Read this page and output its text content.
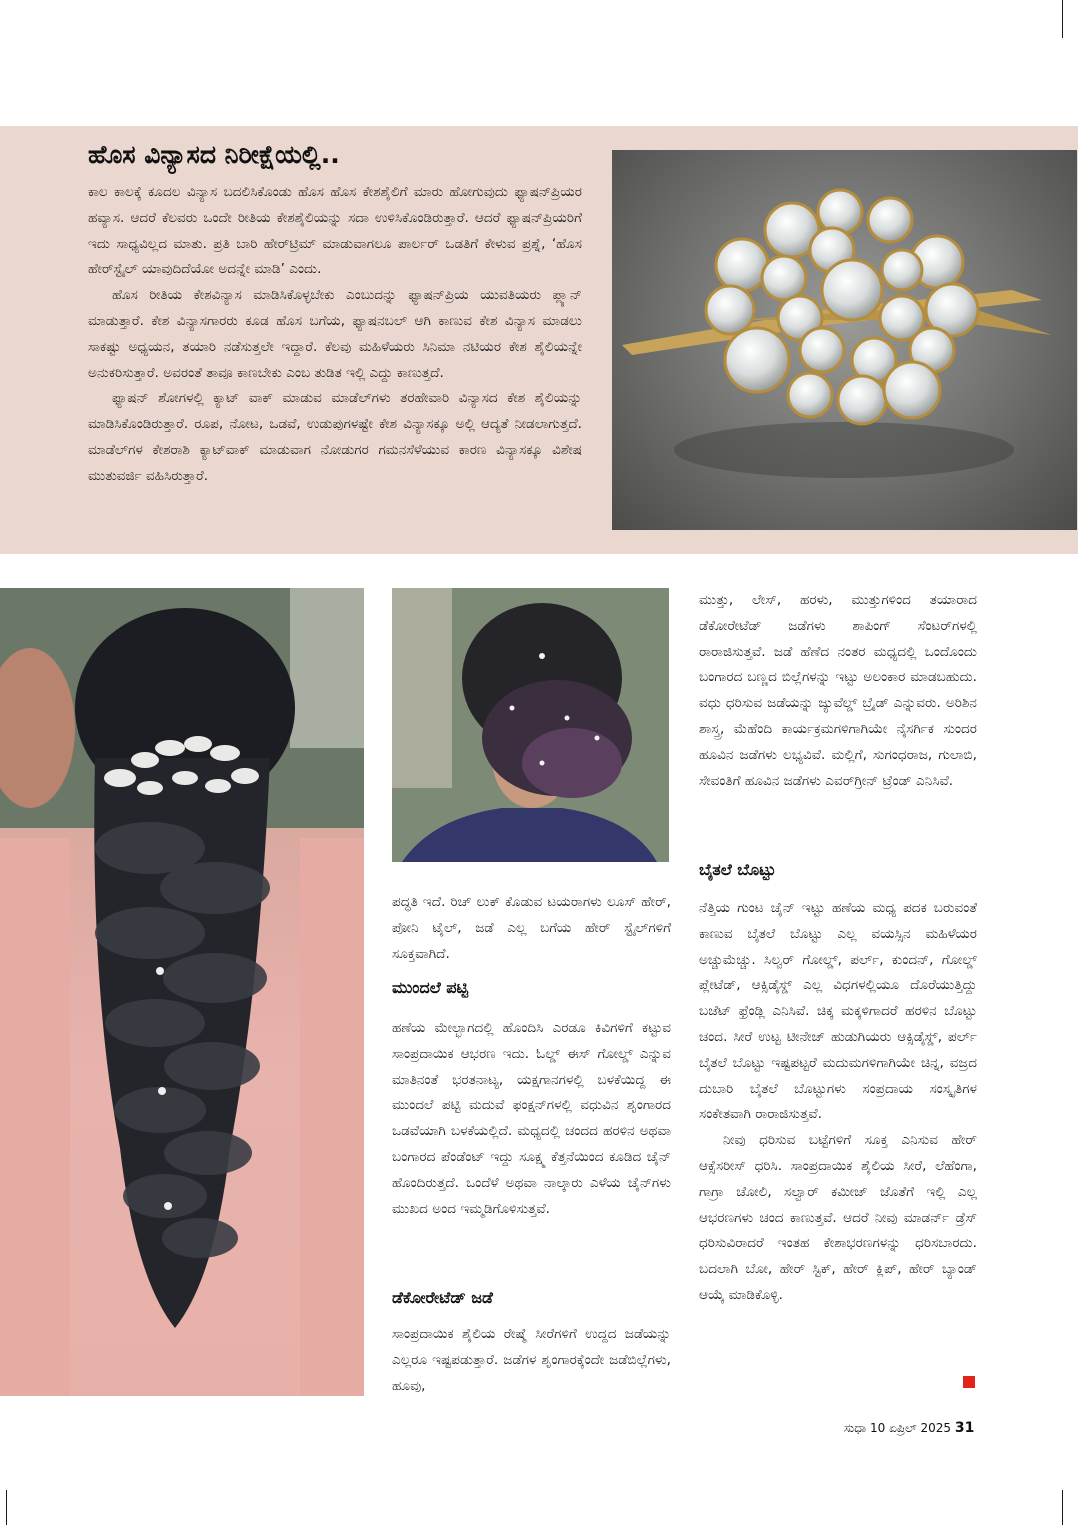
ಹೊಸ ವಿನ್ಯಾಸದ ನಿರೀಕ್ಷೆಯಲ್ಲಿ..

ಕಾಲ ಕಾಲಕ್ಕೆ ಕೂದಲ ವಿನ್ಯಾಸ ಬದಲಿಸಿಕೊಂಡು ಹೊಸ ಹೊಸ ಕೇಶಶೈಲಿಗೆ ಮಾರು ಹೋಗುವುದು ಫ್ಯಾಷನ್‌ಪ್ರಿಯರ ಹವ್ಯಾಸ. ಆದರೆ ಕೆಲವರು ಒಂದೇ ರೀತಿಯ ಕೇಶಶೈಲಿಯನ್ನು ಸದಾ ಉಳಿಸಿಕೊಂಡಿರುತ್ತಾರೆ. ಆದರೆ ಫ್ಯಾಷನ್‌ಪ್ರಿಯರಿಗೆ ಇದು ಸಾಧ್ಯವಿಲ್ಲದ ಮಾತು. ಪ್ರತಿ ಬಾರಿ ಹೇರ್‌ಟ್ರಿಮ್ ಮಾಡುವಾಗಲೂ ಪಾರ್ಲರ್ ಒಡತಿಗೆ ಕೇಳುವ ಪ್ರಶ್ನೆ, ‘ಹೊಸ ಹೇರ್‌ಸ್ಟೈಲ್ ಯಾವುದಿದೆಯೋ ಅದನ್ನೇ ಮಾಡಿ’ ಎಂದು.

ಹೊಸ ರೀತಿಯ ಕೇಶವಿನ್ಯಾಸ ಮಾಡಿಸಿಕೊಳ್ಳಬೇಕು ಎಂಬುದನ್ನು ಫ್ಯಾಷನ್‌ಪ್ರಿಯ ಯುವತಿಯರು ಪ್ಲ್ಯಾನ್ ಮಾಡುತ್ತಾರೆ. ಕೇಶ ವಿನ್ಯಾಸಗಾರರು ಕೂಡ ಹೊಸ ಬಗೆಯ, ಫ್ಯಾಷನಬಲ್ ಆಗಿ ಕಾಣುವ ಕೇಶ ವಿನ್ಯಾಸ ಮಾಡಲು ಸಾಕಷ್ಟು ಅಧ್ಯಯನ, ತಯಾರಿ ನಡೆಸುತ್ತಲೇ ಇದ್ದಾರೆ. ಕೆಲವು ಮಹಿಳೆಯರು ಸಿನಿಮಾ ನಟಿಯರ ಕೇಶ ಶೈಲಿಯನ್ನೇ ಅನುಕರಿಸುತ್ತಾರೆ. ಅವರಂತೆ ತಾವೂ ಕಾಣಬೇಕು ಎಂಬ ತುಡಿತ ಇಲ್ಲಿ ಎದ್ದು ಕಾಣುತ್ತದೆ.

ಫ್ಯಾಷನ್ ಶೋಗಳಲ್ಲಿ ಕ್ಯಾಟ್ ವಾಕ್ ಮಾಡುವ ಮಾಡೆಲ್‌ಗಳು ತರಹೇವಾರಿ ವಿನ್ಯಾಸದ ಕೇಶ ಶೈಲಿಯನ್ನು ಮಾಡಿಸಿಕೊಂಡಿರುತ್ತಾರೆ. ರೂಪ, ನೋಟ, ಒಡವೆ, ಉಡುಪುಗಳಷ್ಟೇ ಕೇಶ ವಿನ್ಯಾಸಕ್ಕೂ ಅಲ್ಲಿ ಆದ್ಯತೆ ನೀಡಲಾಗುತ್ತದೆ. ಮಾಡೆಲ್‌ಗಳ ಕೇಶರಾಶಿ ಕ್ಯಾಟ್‌ವಾಕ್ ಮಾಡುವಾಗ ನೋಡುಗರ ಗಮನಸೆಳೆಯುವ ಕಾರಣ ವಿನ್ಯಾಸಕ್ಕೂ ವಿಶೇಷ ಮುತುವರ್ಜಿ ವಹಿಸಿರುತ್ತಾರೆ.

ಪದ್ಧತಿ ಇದೆ. ರಿಚ್ ಲುಕ್ ಕೊಡುವ ಟಯರಾಗಳು ಲೂಸ್ ಹೇರ್, ಪೋನಿ ಟೈಲ್, ಜಡೆ ಎಲ್ಲ ಬಗೆಯ ಹೇರ್ ಸ್ಟೈಲ್‌ಗಳಿಗೆ ಸೂಕ್ತವಾಗಿದೆ.

ಮುಂದಲೆ ಪಟ್ಟಿ

ಹಣೆಯ ಮೇಲ್ಭಾಗದಲ್ಲಿ ಹೊಂದಿಸಿ ಎರಡೂ ಕಿವಿಗಳಿಗೆ ಕಟ್ಟುವ ಸಾಂಪ್ರದಾಯಿಕ ಆಭರಣ ಇದು. ಓಲ್ಡ್ ಈಸ್ ಗೋಲ್ಡ್ ಎನ್ನುವ ಮಾತಿನಂತೆ ಭರತನಾಟ್ಯ, ಯಕ್ಷಗಾನಗಳಲ್ಲಿ ಬಳಕೆಯಿದ್ದ ಈ ಮುಂದಲೆ ಪಟ್ಟಿ ಮದುವೆ ಫಂಕ್ಷನ್‌ಗಳಲ್ಲಿ ವಧುವಿನ ಶೃಂಗಾರದ ಒಡವೆಯಾಗಿ ಬಳಕೆಯಲ್ಲಿದೆ. ಮಧ್ಯದಲ್ಲಿ ಚಂದದ ಹರಳಿನ ಅಥವಾ ಬಂಗಾರದ ಪೆಂಡೆಂಟ್ ಇದ್ದು ಸೂಕ್ಷ್ಮ ಕೆತ್ತನೆಯಿಂದ ಕೂಡಿದ ಚೈನ್ ಹೊಂದಿರುತ್ತದೆ. ಒಂದೆಳೆ ಅಥವಾ ನಾಲ್ಕಾರು ಎಳೆಯ ಚೈನ್‌ಗಳು ಮುಖದ ಅಂದ ಇಮ್ಮಡಿಗೊಳಿಸುತ್ತವೆ.

ಡೆಕೋರೇಟೆಡ್ ಜಡೆ

ಸಾಂಪ್ರದಾಯಿಕ ಶೈಲಿಯ ರೇಷ್ಮೆ ಸೀರೆಗಳಿಗೆ ಉದ್ದದ ಜಡೆಯನ್ನು ಎಲ್ಲರೂ ಇಷ್ಟಪಡುತ್ತಾರೆ. ಜಡೆಗಳ ಶೃಂಗಾರಕ್ಕೆಂದೇ ಜಡೆಬಿಲ್ಲೆಗಳು, ಹೂವು,

ಮುತ್ತು, ಲೇಸ್, ಹರಳು, ಮುತ್ತುಗಳಿಂದ ತಯಾರಾದ ಡೆಕೋರೇಟೆಡ್ ಜಡೆಗಳು ಶಾಪಿಂಗ್ ಸೆಂಟರ್‌ಗಳಲ್ಲಿ ರಾರಾಜಿಸುತ್ತವೆ. ಜಡೆ ಹೆಣೆದ ನಂತರ ಮಧ್ಯದಲ್ಲಿ ಒಂದೊಂದು ಬಂಗಾರದ ಬಣ್ಣದ ಬಿಲ್ಲೆಗಳನ್ನು ಇಟ್ಟು ಅಲಂಕಾರ ಮಾಡಬಹುದು. ವಧು ಧರಿಸುವ ಜಡೆಯನ್ನು ಜ್ಯುವೆಲ್ಡ್ ಬ್ರೈಡ್ ಎನ್ನುವರು. ಅರಿಶಿನ ಶಾಸ್ತ್ರ, ಮೆಹೆಂದಿ ಕಾರ್ಯಕ್ರಮಗಳಿಗಾಗಿಯೇ ನೈಸರ್ಗಿಕ ಸುಂದರ ಹೂವಿನ ಜಡೆಗಳು ಲಭ್ಯವಿವೆ. ಮಲ್ಲಿಗೆ, ಸುಗಂಧರಾಜ, ಗುಲಾಬಿ, ಸೇವಂತಿಗೆ ಹೂವಿನ ಜಡೆಗಳು ಎವರ್‌ಗ್ರೀನ್ ಟ್ರೆಂಡ್ ಎನಿಸಿವೆ.

ಬೈತಲೆ ಬೊಟ್ಟು

ನೆತ್ತಿಯ ಗುಂಟ ಚೈನ್ ಇಟ್ಟು ಹಣೆಯ ಮಧ್ಯ ಪದಕ ಬರುವಂತೆ ಕಾಣುವ ಬೈತಲೆ ಬೊಟ್ಟು ಎಲ್ಲ ವಯಸ್ಸಿನ ಮಹಿಳೆಯರ ಅಚ್ಚುಮೆಚ್ಚು. ಸಿಲ್ವರ್ ಗೋಲ್ಡ್, ಪರ್ಲ್, ಕುಂದನ್, ಗೋಲ್ಡ್ ಪ್ಲೇಟೆಡ್, ಆಕ್ಸಿಡೈಸ್ಡ್ ಎಲ್ಲ ವಿಧಗಳಲ್ಲಿಯೂ ದೊರೆಯುತ್ತಿದ್ದು ಬಜೆಟ್ ಫ್ರೆಂಡ್ಲಿ ಎನಿಸಿವೆ. ಚಿಕ್ಕ ಮಕ್ಕಳಿಗಾದರೆ ಹರಳಿನ ಬೊಟ್ಟು ಚಂದ. ಸೀರೆ ಉಟ್ಟ ಟೀನೇಜ್ ಹುಡುಗಿಯರು ಆಕ್ಸಿಡೈಸ್ಡ್, ಪರ್ಲ್ ಬೈತಲೆ ಬೊಟ್ಟು ಇಷ್ಟಪಟ್ಟರೆ ಮದುಮಗಳಿಗಾಗಿಯೇ ಚಿನ್ನ, ವಜ್ರದ ದುಬಾರಿ ಬೈತಲೆ ಬೊಟ್ಟುಗಳು ಸಂಪ್ರದಾಯ ಸಂಸ್ಕೃತಿಗಳ ಸಂಕೇತವಾಗಿ ರಾರಾಜಿಸುತ್ತವೆ.

ನೀವು ಧರಿಸುವ ಬಟ್ಟೆಗಳಿಗೆ ಸೂಕ್ತ ಎನಿಸುವ ಹೇರ್ ಆಕ್ಸೆಸರೀಸ್ ಧರಿಸಿ. ಸಾಂಪ್ರದಾಯಿಕ ಶೈಲಿಯ ಸೀರೆ, ಲೆಹೆಂಗಾ, ಗಾಗ್ರಾ ಚೋಲಿ, ಸಲ್ವಾರ್ ಕಮೀಜ್ ಜೊತೆಗೆ ಇಲ್ಲಿ ಎಲ್ಲ ಆಭರಣಗಳು ಚಂದ ಕಾಣುತ್ತವೆ. ಆದರೆ ನೀವು ಮಾಡರ್ನ್ ಡ್ರೆಸ್ ಧರಿಸುವಿರಾದರೆ ಇಂತಹ ಕೇಶಾಭರಣಗಳನ್ನು ಧರಿಸಬಾರದು. ಬದಲಾಗಿ ಬೋ, ಹೇರ್ ಸ್ಟಿಕ್, ಹೇರ್ ಕ್ಲಿಪ್, ಹೇರ್ ಬ್ಯಾಂಡ್ ಆಯ್ಕೆ ಮಾಡಿಕೊಳ್ಳಿ.

ಸುಧಾ 10 ಏಪ್ರಿಲ್ 2025 31
